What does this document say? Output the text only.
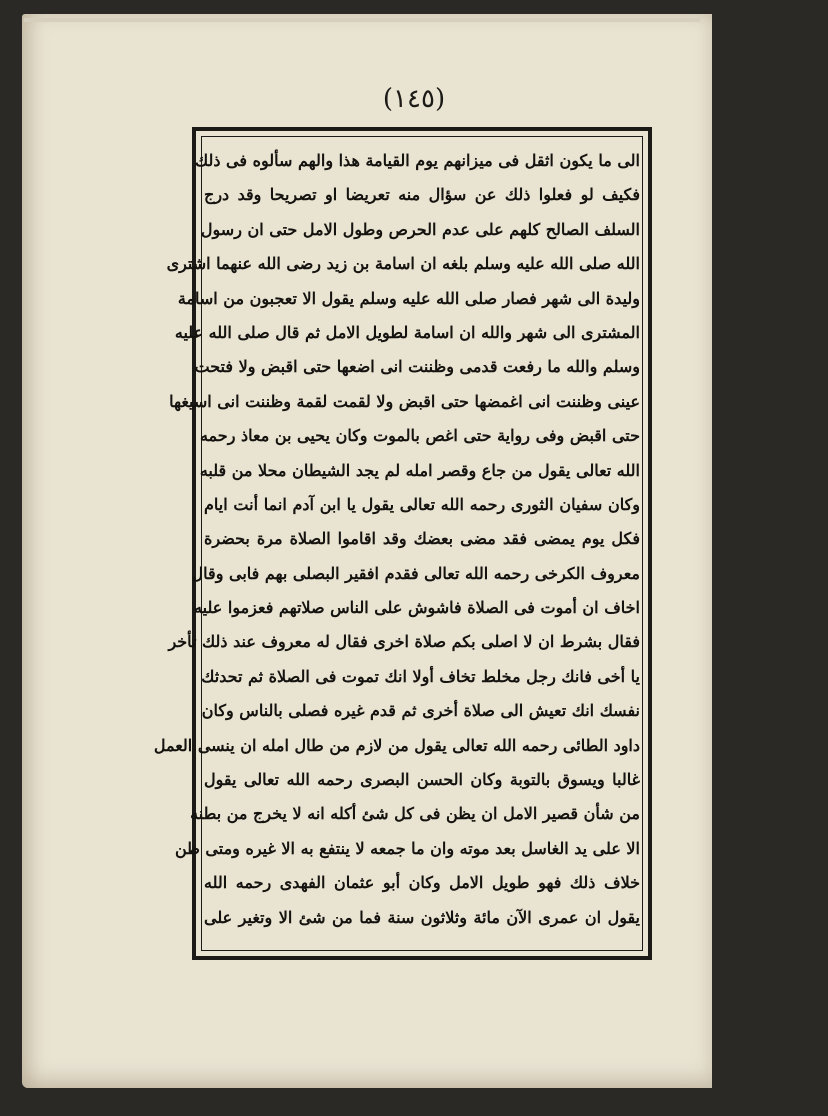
(١٤٥)
الى ما يكون اثقل فى ميزانهم يوم القيامة هذا والهم سألوه فى ذلك
فكيف لو فعلوا ذلك عن سؤال منه تعريضا او تصريحا وقد درج
السلف الصالح كلهم على عدم الحرص وطول الامل حتى ان رسول
الله صلى الله عليه وسلم بلغه ان اسامة بن زيد رضى الله عنهما اشترى
وليدة الى شهر فصار صلى الله عليه وسلم يقول الا تعجبون من اسامة
المشترى الى شهر والله ان اسامة لطويل الامل ثم قال صلى الله عليه
وسلم والله ما رفعت قدمى وظننت انى اضعها حتى اقبض ولا فتحت
عينى وظننت انى اغمضها حتى اقبض ولا لقمت لقمة وظننت انى اسيغها
حتى اقبض وفى رواية حتى اغص بالموت وكان يحيى بن معاذ رحمه
الله تعالى يقول من جاع وقصر امله لم يجد الشيطان محلا من قلبه
وكان سفيان الثورى رحمه الله تعالى يقول يا ابن آدم انما أنت ايام
فكل يوم يمضى فقد مضى بعضك وقد اقاموا الصلاة مرة بحضرة
معروف الكرخى رحمه الله تعالى فقدم افقير البصلى بهم فابى وقال
اخاف ان أموت فى الصلاة فاشوش على الناس صلاتهم فعزموا عليه
فقال بشرط ان لا اصلى بكم صلاة اخرى فقال له معروف عند ذلك تأخر
يا أخى فانك رجل مخلط تخاف أولا انك تموت فى الصلاة ثم تحدثك
نفسك انك تعيش الى صلاة أخرى ثم قدم غيره فصلى بالناس وكان
داود الطائى رحمه الله تعالى يقول من لازم من طال امله ان ينسى العمل
غالبا ويسوق بالتوبة وكان الحسن البصرى رحمه الله تعالى يقول
من شأن قصير الامل ان يظن فى كل شئ أكله انه لا يخرج من بطنه
الا على يد الغاسل بعد موته وان ما جمعه لا ينتفع به الا غيره ومتى ظن
خلاف ذلك فهو طويل الامل وكان أبو عثمان الفهدى رحمه الله
يقول ان عمرى الآن مائة وثلاثون سنة فما من شئ الا وتغير على
